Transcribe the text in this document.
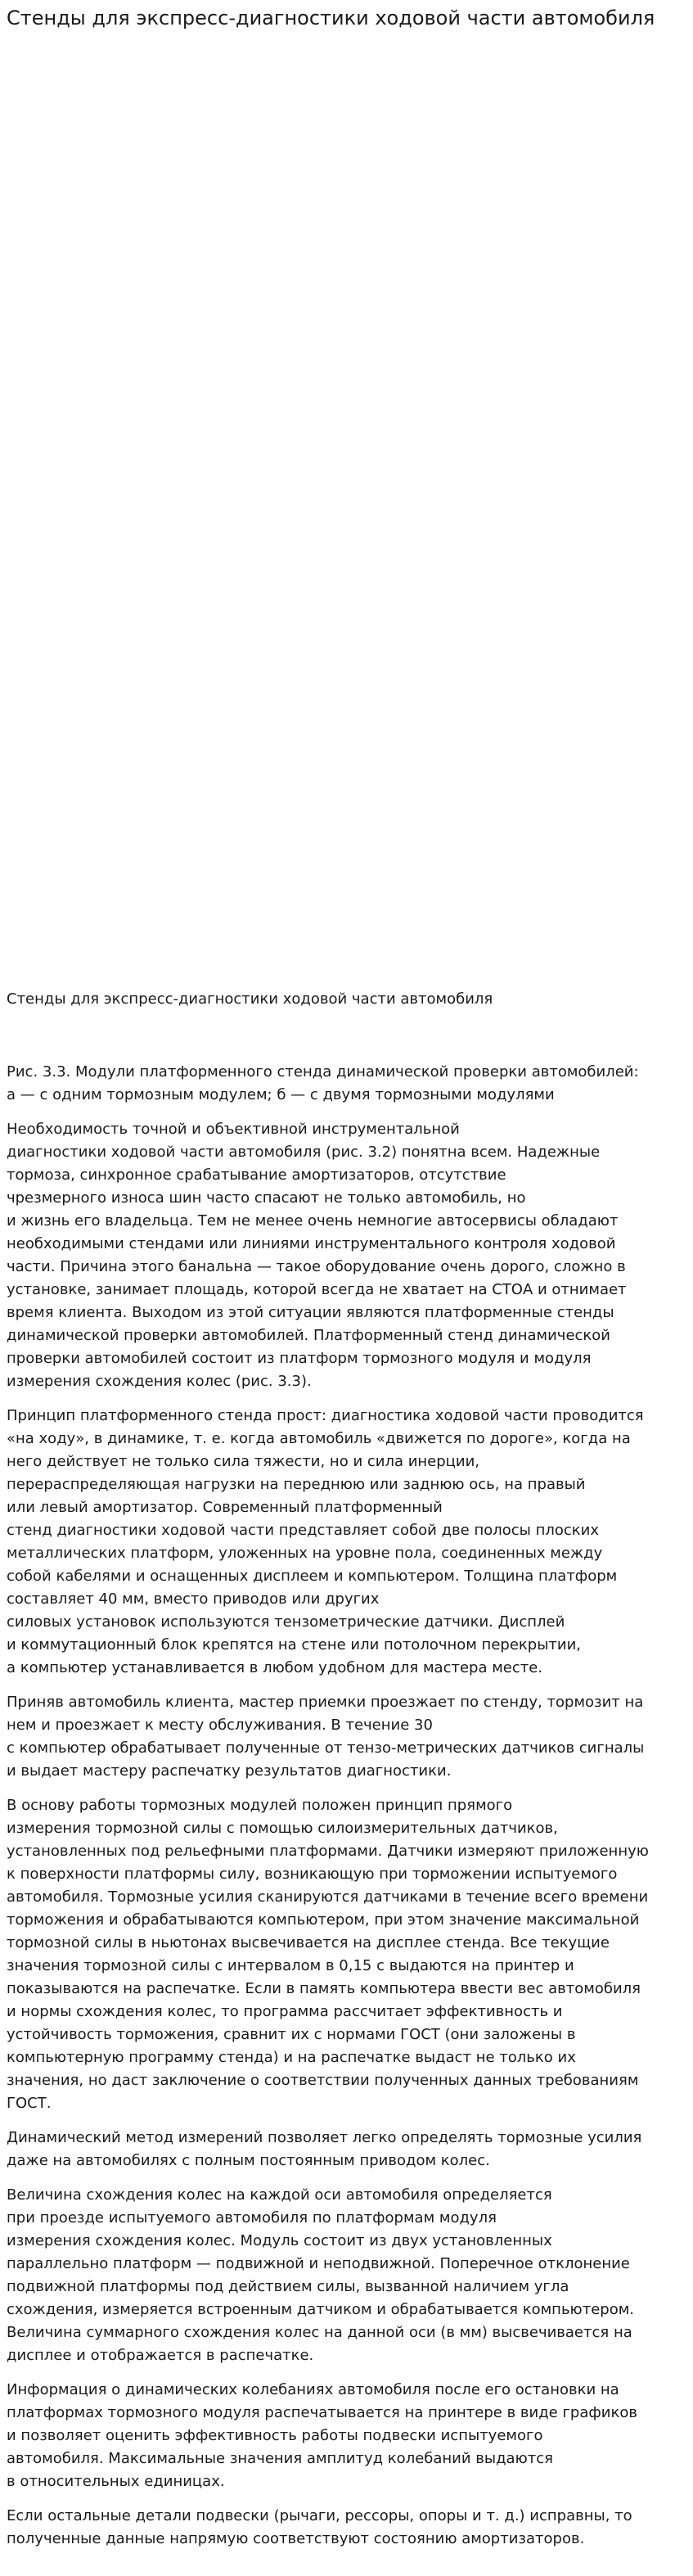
Стенды для экспресс-диагностики ходовой части автомобиля

Стенды для экспресс-диагностики ходовой части автомобиля

Рис. 3.3. Модули платформенного стенда динамической проверки автомобилей:
а — с одним тормозным модулем; б — с двумя тормозными модулями

Необходимость точной и объективной инструментальной
диагностики ходовой части автомобиля (рис. 3.2) понятна всем. Надежные
тормоза, синхронное срабатывание амортизаторов, отсутствие
чрезмерного износа шин часто спасают не только автомобиль, но
и жизнь его владельца. Тем не менее очень немногие автосервисы обладают
необходимыми стендами или линиями инструментального контроля ходовой
части. Причина этого банальна — такое оборудование очень дорого, сложно в
установке, занимает площадь, которой всегда не хватает на СТОА и отнимает
время клиента. Выходом из этой ситуации являются платформенные стенды
динамической проверки автомобилей. Платформенный стенд динамической
проверки автомобилей состоит из платформ тормозного модуля и модуля
измерения схождения колес (рис. 3.3).

Принцип платформенного стенда прост: диагностика ходовой части проводится
«на ходу», в динамике, т. е. когда автомобиль «движется по дороге», когда на
него действует не только сила тяжести, но и сила инерции,
перераспределяющая нагрузки на переднюю или заднюю ось, на правый
или левый амортизатор. Современный платформенный
стенд диагностики ходовой части представляет собой две полосы плоских
металлических платформ, уложенных на уровне пола, соединенных между
собой кабелями и оснащенных дисплеем и компьютером. Толщина платформ
составляет 40 мм, вместо приводов или других
силовых установок используются тензометрические датчики. Дисплей
и коммутационный блок крепятся на стене или потолочном перекрытии,
а компьютер устанавливается в любом удобном для мастера месте.

Приняв автомобиль клиента, мастер приемки проезжает по стенду, тормозит на
нем и проезжает к месту обслуживания. В течение 30
с компьютер обрабатывает полученные от тензо-метрических датчиков сигналы
и выдает мастеру распечатку результатов диагностики.

В основу работы тормозных модулей положен принцип прямого
измерения тормозной силы с помощью силоизмерительных датчиков,
установленных под рельефными платформами. Датчики измеряют приложенную
к поверхности платформы силу, возникающую при торможении испытуемого
автомобиля. Тормозные усилия сканируются датчиками в течение всего времени
торможения и обрабатываются компьютером, при этом значение максимальной
тормозной силы в ньютонах высвечивается на дисплее стенда. Все текущие
значения тормозной силы с интервалом в 0,15 с выдаются на принтер и
показываются на распечатке. Если в память компьютера ввести вес автомобиля
и нормы схождения колес, то программа рассчитает эффективность и
устойчивость торможения, сравнит их с нормами ГОСТ (они заложены в
компьютерную программу стенда) и на распечатке выдаст не только их
значения, но даст заключение о соответствии полученных данных требованиям
ГОСТ.

Динамический метод измерений позволяет легко определять тормозные усилия
даже на автомобилях с полным постоянным приводом колес.

Величина схождения колес на каждой оси автомобиля определяется
при проезде испытуемого автомобиля по платформам модуля
измерения схождения колес. Модуль состоит из двух установленных
параллельно платформ — подвижной и неподвижной. Поперечное отклонение
подвижной платформы под действием силы, вызванной наличием угла
схождения, измеряется встроенным датчиком и обрабатывается компьютером.
Величина суммарного схождения колес на данной оси (в мм) высвечивается на
дисплее и отображается в распечатке.

Информация о динамических колебаниях автомобиля после его остановки на
платформах тормозного модуля распечатывается на принтере в виде графиков
и позволяет оценить эффективность работы подвески испытуемого
автомобиля. Максимальные значения амплитуд колебаний выдаются
в относительных единицах.

Если остальные детали подвески (рычаги, рессоры, опоры и т. д.) исправны, то
полученные данные напрямую соответствуют состоянию амортизаторов.
